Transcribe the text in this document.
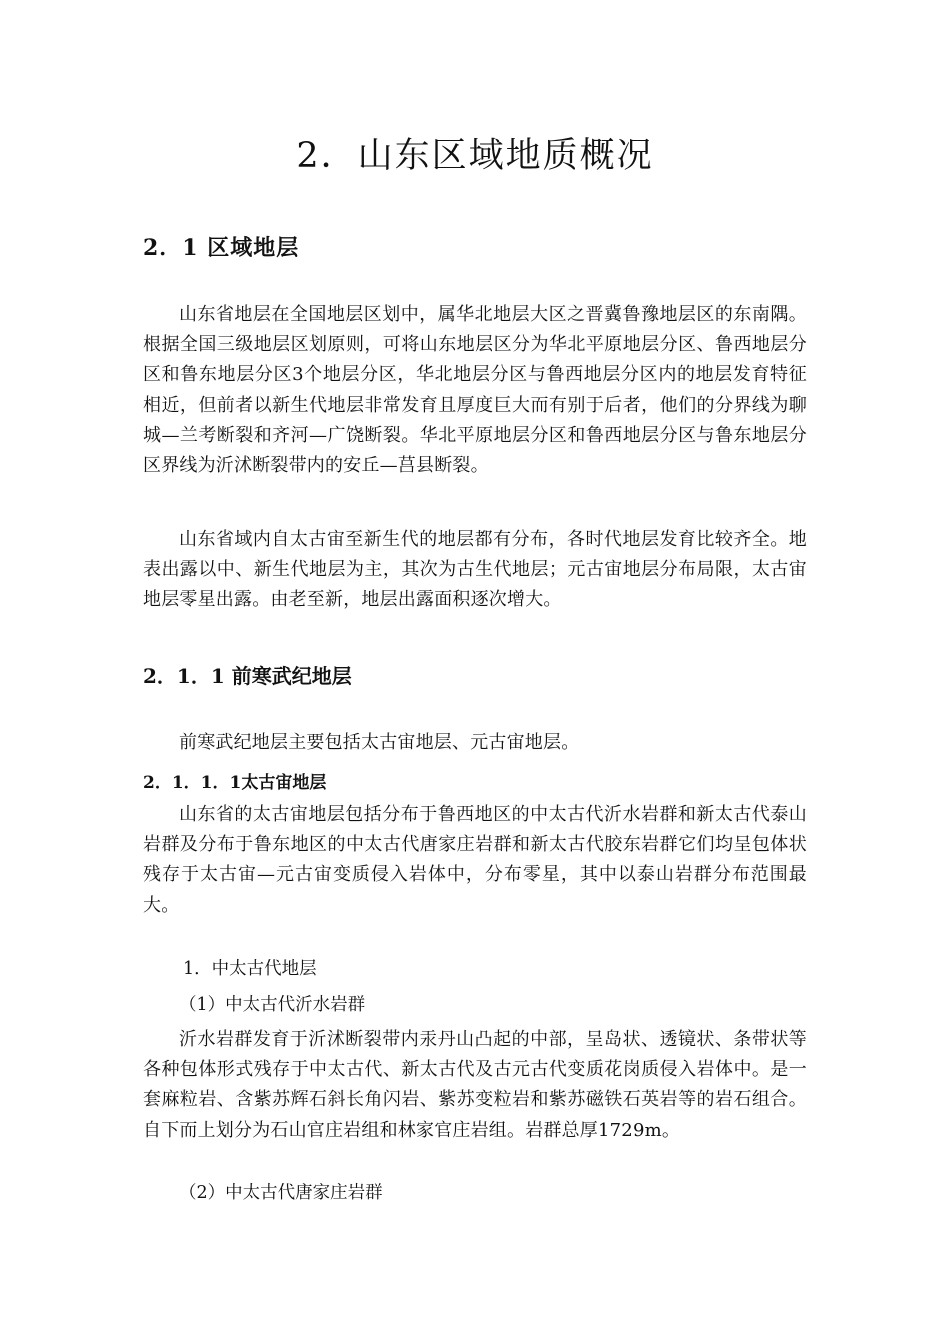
2．山东区域地质概况
2．1 区域地层

山东省地层在全国地层区划中，属华北地层大区之晋冀鲁豫地层区的东南隅。根据全国三级地层区划原则，可将山东地层区分为华北平原地层分区、鲁西地层分区和鲁东地层分区3个地层分区，华北地层分区与鲁西地层分区内的地层发育特征相近，但前者以新生代地层非常发育且厚度巨大而有别于后者，他们的分界线为聊城—兰考断裂和齐河—广饶断裂。华北平原地层分区和鲁西地层分区与鲁东地层分区界线为沂沭断裂带内的安丘—莒县断裂。

山东省域内自太古宙至新生代的地层都有分布，各时代地层发育比较齐全。地表出露以中、新生代地层为主，其次为古生代地层；元古宙地层分布局限，太古宙地层零星出露。由老至新，地层出露面积逐次增大。

2．1．1 前寒武纪地层

前寒武纪地层主要包括太古宙地层、元古宙地层。

2．1．1．1太古宙地层

山东省的太古宙地层包括分布于鲁西地区的中太古代沂水岩群和新太古代泰山岩群及分布于鲁东地区的中太古代唐家庄岩群和新太古代胶东岩群它们均呈包体状残存于太古宙—元古宙变质侵入岩体中，分布零星，其中以泰山岩群分布范围最大。

1．中太古代地层

（1）中太古代沂水岩群

沂水岩群发育于沂沭断裂带内汞丹山凸起的中部，呈岛状、透镜状、条带状等各种包体形式残存于中太古代、新太古代及古元古代变质花岗质侵入岩体中。是一套麻粒岩、含紫苏辉石斜长角闪岩、紫苏变粒岩和紫苏磁铁石英岩等的岩石组合。自下而上划分为石山官庄岩组和林家官庄岩组。岩群总厚1729m。

（2）中太古代唐家庄岩群
